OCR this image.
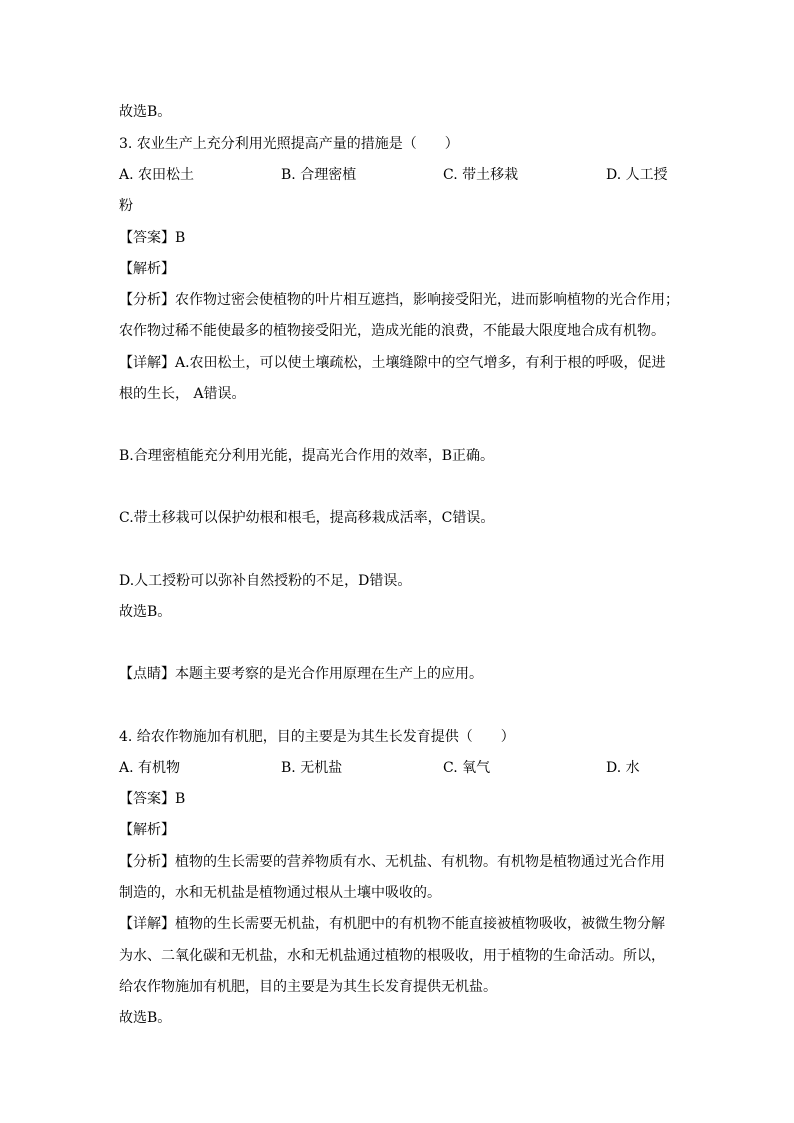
故选B。
3. 农业生产上充分利用光照提高产量的措施是（　　）
A. 农田松土	B. 合理密植	C. 带土移栽	D. 人工授
粉
【答案】B
【解析】
【分析】农作物过密会使植物的叶片相互遮挡，影响接受阳光，进而影响植物的光合作用；
农作物过稀不能使最多的植物接受阳光，造成光能的浪费，不能最大限度地合成有机物。
【详解】A.农田松土，可以使土壤疏松，土壤缝隙中的空气增多，有利于根的呼吸，促进
根的生长， A错误。
B.合理密植能充分利用光能，提高光合作用的效率，B正确。
C.带土移栽可以保护幼根和根毛，提高移栽成活率，C错误。
D.人工授粉可以弥补自然授粉的不足，D错误。
故选B。
【点睛】本题主要考察的是光合作用原理在生产上的应用。
4. 给农作物施加有机肥，目的主要是为其生长发育提供（　　）
A. 有机物	B. 无机盐	C. 氧气	D. 水
【答案】B
【解析】
【分析】植物的生长需要的营养物质有水、无机盐、有机物。有机物是植物通过光合作用
制造的，水和无机盐是植物通过根从土壤中吸收的。
【详解】植物的生长需要无机盐，有机肥中的有机物不能直接被植物吸收，被微生物分解
为水、二氧化碳和无机盐，水和无机盐通过植物的根吸收，用于植物的生命活动。所以，
给农作物施加有机肥，目的主要是为其生长发育提供无机盐。
故选B。
